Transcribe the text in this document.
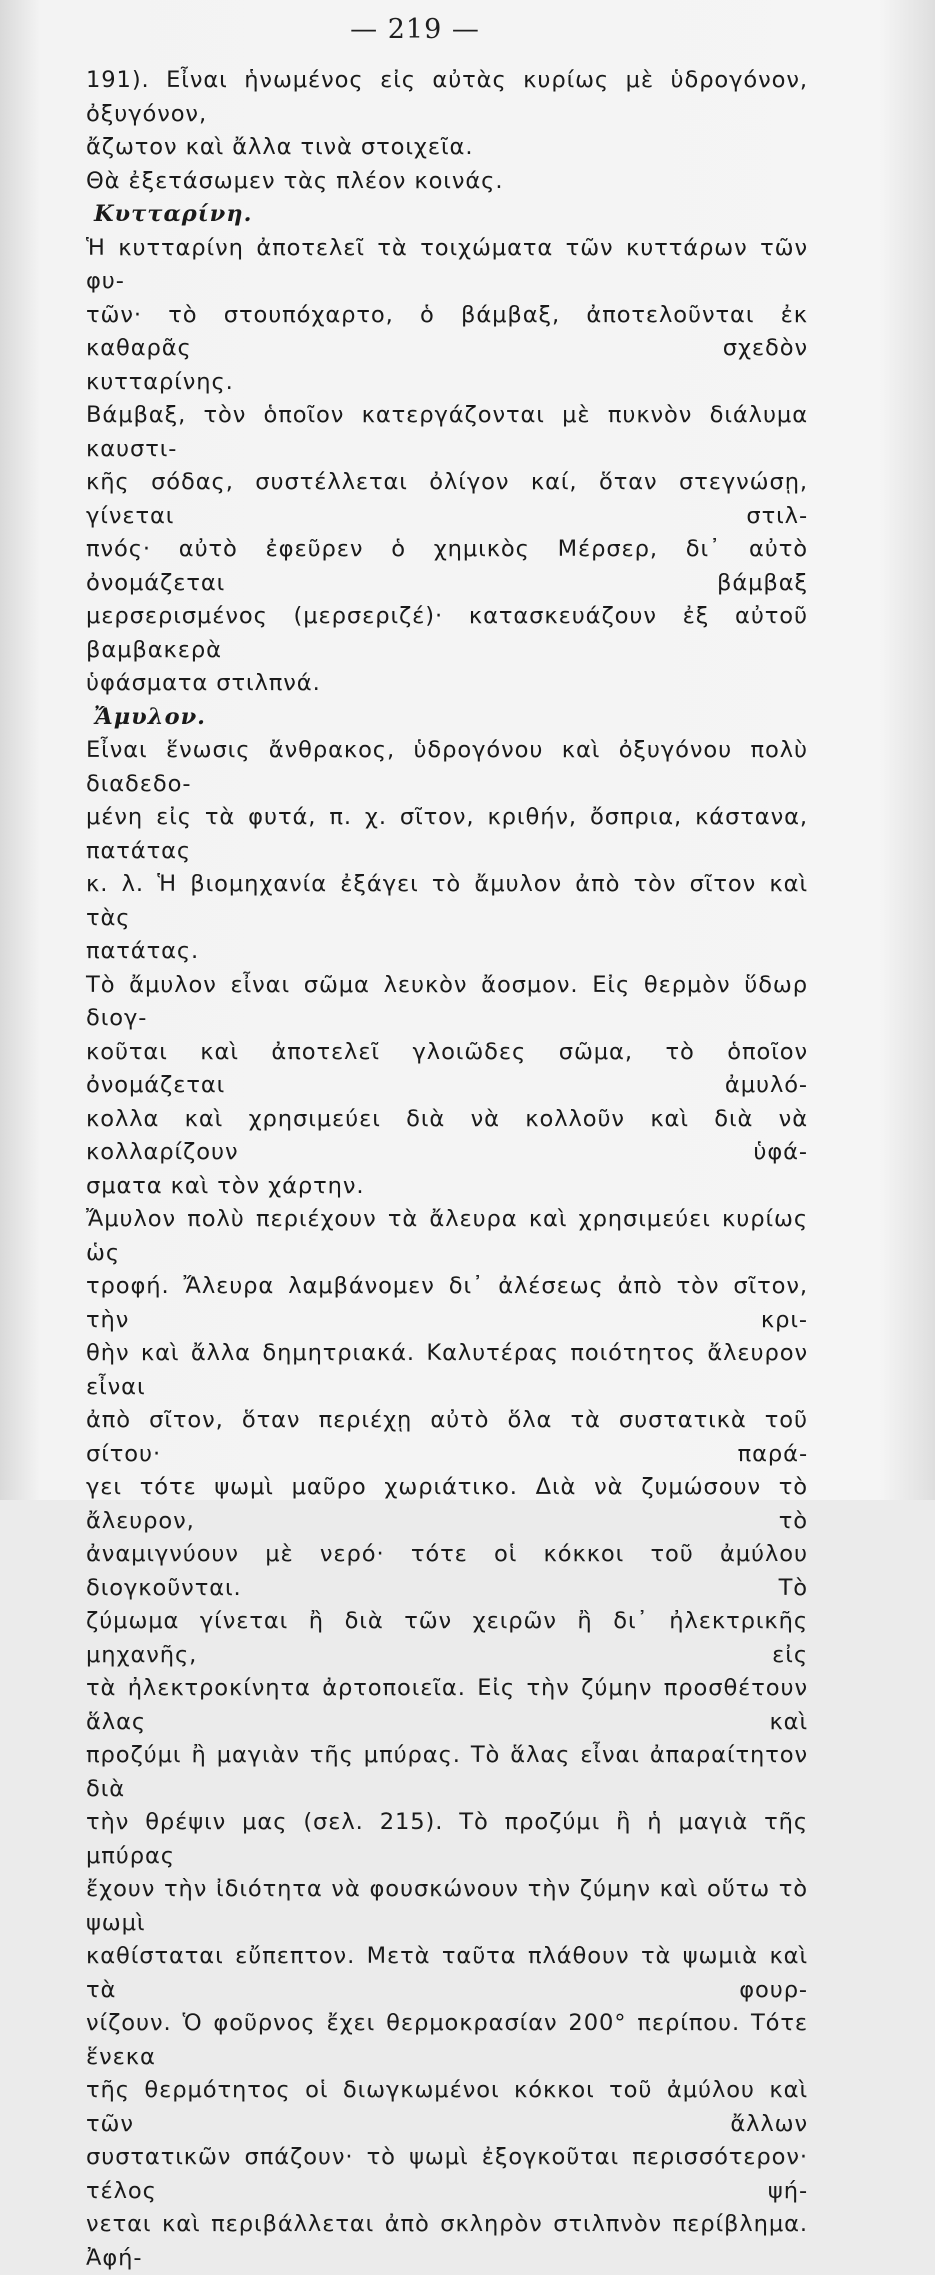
— 219 —
191). Εἶναι ἡνωμένος εἰς αὐτὰς κυρίως μὲ ὑδρογόνον, ὀξυγόνον,
ἄζωτον καὶ ἄλλα τινὰ στοιχεῖα.
Θὰ ἐξετάσωμεν τὰς πλέον κοινάς.
Κυτταρίνη.
Ἡ κυτταρίνη ἀποτελεῖ τὰ τοιχώματα τῶν κυττάρων τῶν φυ-
τῶν· τὸ στουπόχαρτο, ὁ βάμβαξ, ἀποτελοῦνται ἐκ καθαρᾶς σχεδὸν
κυτταρίνης.
Βάμβαξ, τὸν ὁποῖον κατεργάζονται μὲ πυκνὸν διάλυμα καυστι-
κῆς σόδας, συστέλλεται ὀλίγον καί, ὅταν στεγνώσῃ, γίνεται στιλ-
πνός· αὐτὸ ἐφεῦρεν ὁ χημικὸς Μέρσερ, δι᾽ αὐτὸ ὀνομάζεται βάμβαξ
μερσερισμένος (μερσεριζέ)· κατασκευάζουν ἐξ αὐτοῦ βαμβακερὰ
ὑφάσματα στιλπνά.
Ἄμυλον.
Εἶναι ἕνωσις ἄνθρακος, ὑδρογόνου καὶ ὀξυγόνου πολὺ διαδεδο-
μένη εἰς τὰ φυτά, π. χ. σῖτον, κριθήν, ὄσπρια, κάστανα, πατάτας
κ. λ. Ἡ βιομηχανία ἐξάγει τὸ ἄμυλον ἀπὸ τὸν σῖτον καὶ τὰς
πατάτας.
Τὸ ἄμυλον εἶναι σῶμα λευκὸν ἄοσμον. Εἰς θερμὸν ὕδωρ διογ-
κοῦται καὶ ἀποτελεῖ γλοιῶδες σῶμα, τὸ ὁποῖον ὀνομάζεται ἀμυλό-
κολλα καὶ χρησιμεύει διὰ νὰ κολλοῦν καὶ διὰ νὰ κολλαρίζουν ὑφά-
σματα καὶ τὸν χάρτην.
Ἄμυλον πολὺ περιέχουν τὰ ἄλευρα καὶ χρησιμεύει κυρίως ὡς
τροφή. Ἄλευρα λαμβάνομεν δι᾽ ἀλέσεως ἀπὸ τὸν σῖτον, τὴν κρι-
θὴν καὶ ἄλλα δημητριακά. Καλυτέρας ποιότητος ἄλευρον εἶναι
ἀπὸ σῖτον, ὅταν περιέχῃ αὐτὸ ὅλα τὰ συστατικὰ τοῦ σίτου· παρά-
γει τότε ψωμὶ μαῦρο χωριάτικο. Διὰ νὰ ζυμώσουν τὸ ἄλευρον, τὸ
ἀναμιγνύουν μὲ νερό· τότε οἱ κόκκοι τοῦ ἀμύλου διογκοῦνται. Τὸ
ζύμωμα γίνεται ἢ διὰ τῶν χειρῶν ἢ δι᾽ ἠλεκτρικῆς μηχανῆς, εἰς
τὰ ἠλεκτροκίνητα ἀρτοποιεῖα. Εἰς τὴν ζύμην προσθέτουν ἅλας καὶ
προζύμι ἢ μαγιὰν τῆς μπύρας. Τὸ ἅλας εἶναι ἀπαραίτητον διὰ
τὴν θρέψιν μας (σελ. 215). Τὸ προζύμι ἢ ἡ μαγιὰ τῆς μπύρας
ἔχουν τὴν ἰδιότητα νὰ φουσκώνουν τὴν ζύμην καὶ οὕτω τὸ ψωμὶ
καθίσταται εὔπεπτον. Μετὰ ταῦτα πλάθουν τὰ ψωμιὰ καὶ τὰ φουρ-
νίζουν. Ὁ φοῦρνος ἔχει θερμοκρασίαν 200° περίπου. Τότε ἕνεκα
τῆς θερμότητος οἱ διωγκωμένοι κόκκοι τοῦ ἀμύλου καὶ τῶν ἄλλων
συστατικῶν σπάζουν· τὸ ψωμὶ ἐξογκοῦται περισσότερον· τέλος ψή-
νεται καὶ περιβάλλεται ἀπὸ σκληρὸν στιλπνὸν περίβλημα. Ἀφή-
